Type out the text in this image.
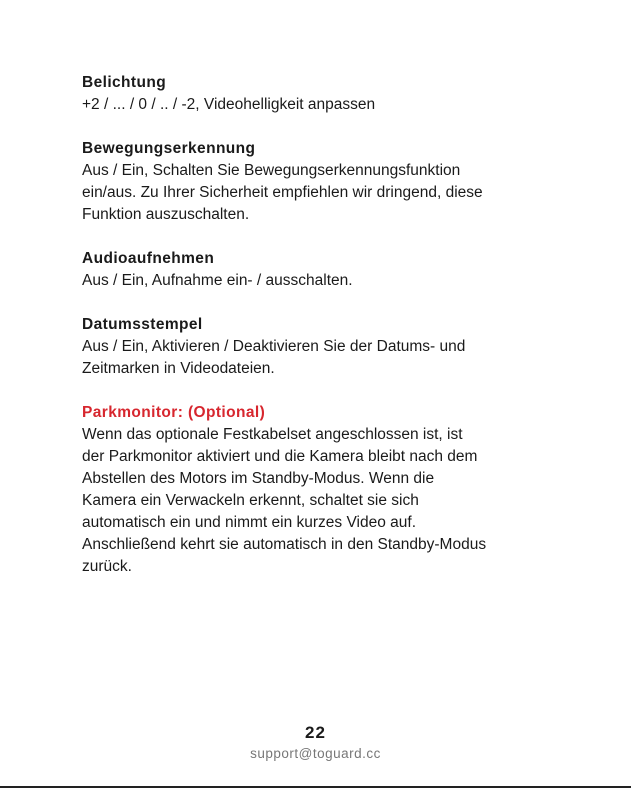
Belichtung

+2 / ... / 0 / .. / -2, Videohelligkeit anpassen

Bewegungserkennung

Aus / Ein, Schalten Sie Bewegungserkennungsfunktion

ein/aus. Zu Ihrer Sicherheit empfiehlen wir dringend, diese

Funktion auszuschalten.

Audioaufnehmen

Aus / Ein, Aufnahme ein- / ausschalten.

Datumsstempel

Aus / Ein, Aktivieren / Deaktivieren Sie der Datums- und

Zeitmarken in Videodateien.

Parkmonitor: (Optional)

Wenn das optionale Festkabelset angeschlossen ist, ist

der Parkmonitor aktiviert und die Kamera bleibt nach dem

Abstellen des Motors im Standby-Modus. Wenn die

Kamera ein Verwackeln erkennt, schaltet sie sich

automatisch ein und nimmt ein kurzes Video auf.

Anschließend kehrt sie automatisch in den Standby-Modus

zurück.

22
support@toguard.cc
